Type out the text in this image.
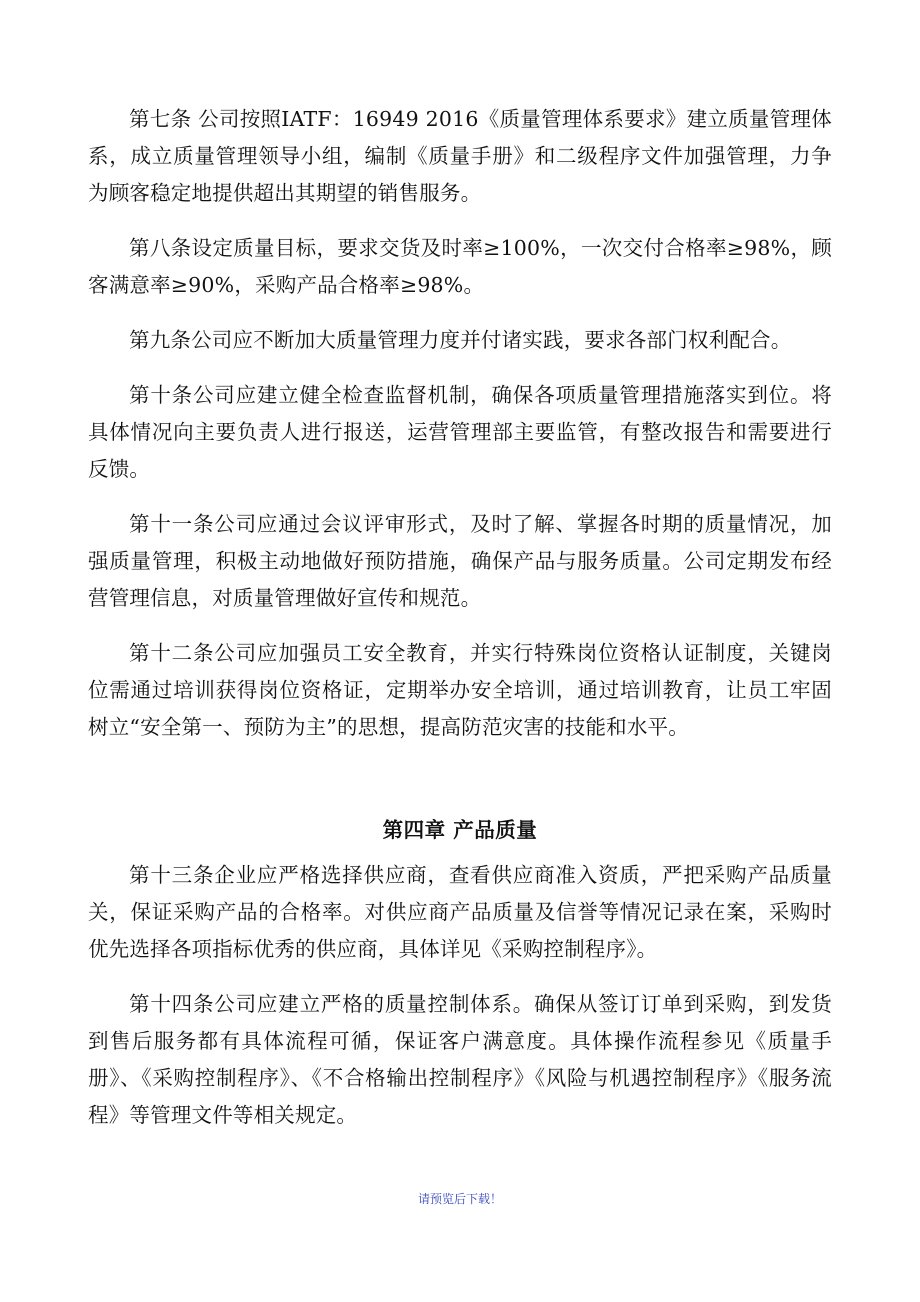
第七条 公司按照IATF：16949 2016《质量管理体系要求》建立质量管理体系，成立质量管理领导小组，编制《质量手册》和二级程序文件加强管理，力争为顾客稳定地提供超出其期望的销售服务。

第八条设定质量目标，要求交货及时率≥100%，一次交付合格率≥98%，顾客满意率≥90%，采购产品合格率≥98%。

第九条公司应不断加大质量管理力度并付诸实践，要求各部门权利配合。

第十条公司应建立健全检查监督机制，确保各项质量管理措施落实到位。将具体情况向主要负责人进行报送，运营管理部主要监管，有整改报告和需要进行反馈。

第十一条公司应通过会议评审形式，及时了解、掌握各时期的质量情况，加强质量管理，积极主动地做好预防措施，确保产品与服务质量。公司定期发布经营管理信息，对质量管理做好宣传和规范。

第十二条公司应加强员工安全教育，并实行特殊岗位资格认证制度，关键岗位需通过培训获得岗位资格证，定期举办安全培训，通过培训教育，让员工牢固树立“安全第一、预防为主”的思想，提高防范灾害的技能和水平。

第四章 产品质量

第十三条企业应严格选择供应商，查看供应商准入资质，严把采购产品质量关，保证采购产品的合格率。对供应商产品质量及信誉等情况记录在案，采购时优先选择各项指标优秀的供应商，具体详见《采购控制程序》。

第十四条公司应建立严格的质量控制体系。确保从签订订单到采购，到发货到售后服务都有具体流程可循，保证客户满意度。具体操作流程参见《质量手册》、《采购控制程序》、《不合格输出控制程序》《风险与机遇控制程序》《服务流程》等管理文件等相关规定。

请预览后下载！
